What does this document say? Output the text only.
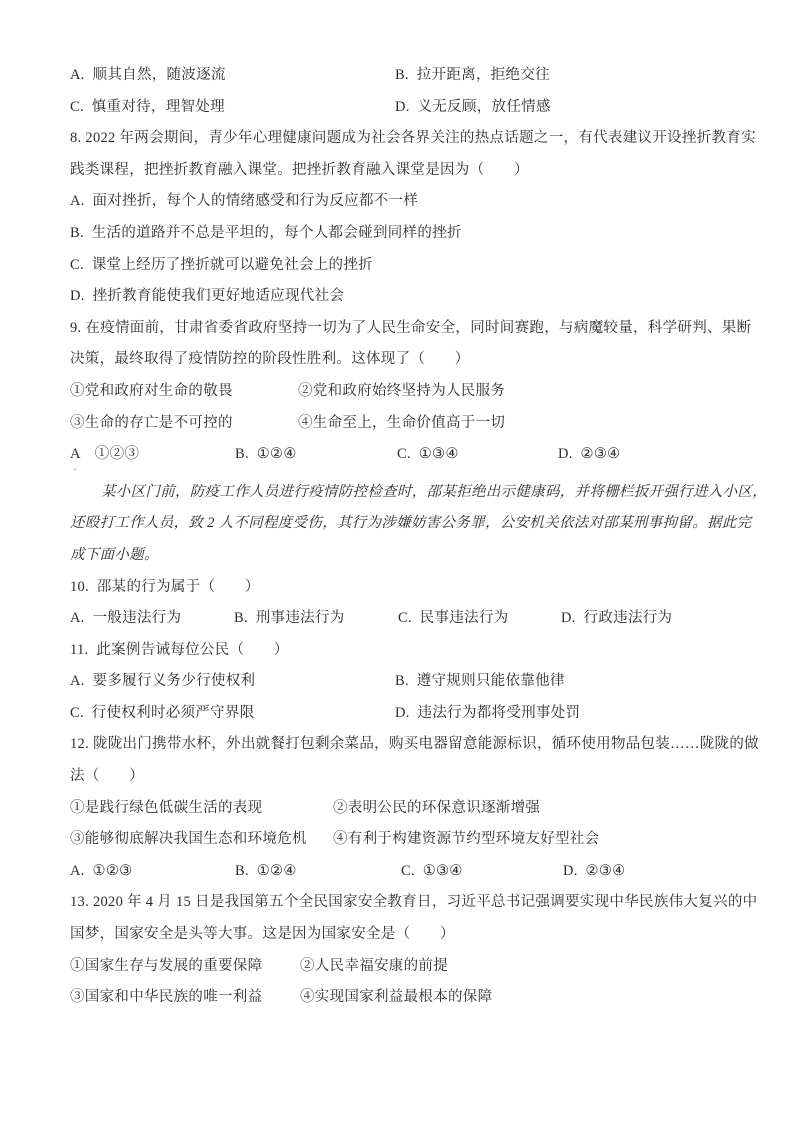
A.  顺其自然，随波逐流	B.  拉开距离，拒绝交往
C.  慎重对待，理智处理	D.  义无反顾，放任情感
8. 2022 年两会期间，青少年心理健康问题成为社会各界关注的热点话题之一，有代表建议开设挫折教育实
践类课程，把挫折教育融入课堂。把挫折教育融入课堂是因为（　　）
A.  面对挫折，每个人的情绪感受和行为反应都不一样
B.  生活的道路并不总是平坦的，每个人都会碰到同样的挫折
C.  课堂上经历了挫折就可以避免社会上的挫折
D.  挫折教育能使我们更好地适应现代社会
9. 在疫情面前，甘肃省委省政府坚持一切为了人民生命安全，同时间赛跑，与病魔较量，科学研判、果断
决策，最终取得了疫情防控的阶段性胜利。这体现了（　　）
①党和政府对生命的敬畏	②党和政府始终坚持为人民服务
③生命的存亡是不可控的	④生命至上，生命价值高于一切
A　①②③	B.  ①②④	C.  ①③④	D.  ②③④
.
某小区门前，防疫工作人员进行疫情防控检查时，邵某拒绝出示健康码，并将栅栏扳开强行进入小区，
还殴打工作人员，致 2 人不同程度受伤，其行为涉嫌妨害公务罪，公安机关依法对邵某刑事拘留。据此完
成下面小题。
10.  邵某的行为属于（　　）
A.  一般违法行为	B.  刑事违法行为	C.  民事违法行为	D.  行政违法行为
11.  此案例告诫每位公民（　　）
A.  要多履行义务少行使权利	B.  遵守规则只能依靠他律
C.  行使权利时必须严守界限	D.  违法行为都将受刑事处罚
12. 陇陇出门携带水杯，外出就餐打包剩余菜品，购买电器留意能源标识，循环使用物品包装……陇陇的做
法（　　）
①是践行绿色低碳生活的表现	②表明公民的环保意识逐渐增强
③能够彻底解决我国生态和环境危机 ④有利于构建资源节约型环境友好型社会
A.  ①②③	B.  ①②④	C.  ①③④	D.  ②③④
13. 2020 年 4 月 15 日是我国第五个全民国家安全教育日，习近平总书记强调要实现中华民族伟大复兴的中
国梦，国家安全是头等大事。这是因为国家安全是（　　）
①国家生存与发展的重要保障	②人民幸福安康的前提
③国家和中华民族的唯一利益	④实现国家利益最根本的保障
